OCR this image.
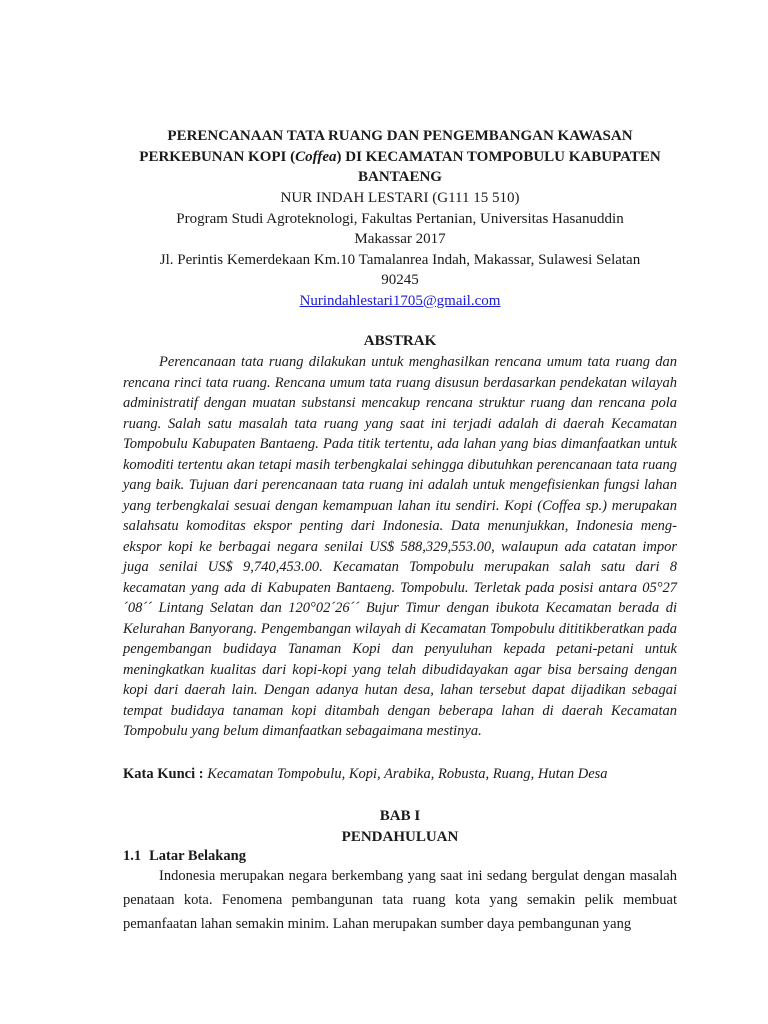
PERENCANAAN TATA RUANG DAN PENGEMBANGAN KAWASAN
PERKEBUNAN KOPI (Coffea) DI KECAMATAN TOMPOBULU KABUPATEN
BANTAENG
NUR INDAH LESTARI (G111 15 510)
Program Studi Agroteknologi, Fakultas Pertanian, Universitas Hasanuddin
Makassar 2017
Jl. Perintis Kemerdekaan Km.10 Tamalanrea Indah, Makassar, Sulawesi Selatan
90245
Nurindahlestari1705@gmail.com
ABSTRAK
Perencanaan tata ruang dilakukan untuk menghasilkan rencana umum tata ruang dan rencana rinci tata ruang. Rencana umum tata ruang disusun berdasarkan pendekatan wilayah administratif dengan muatan substansi mencakup rencana struktur ruang dan rencana pola ruang. Salah satu masalah tata ruang yang saat ini terjadi adalah di daerah Kecamatan Tompobulu Kabupaten Bantaeng. Pada titik tertentu, ada lahan yang bias dimanfaatkan untuk komoditi tertentu akan tetapi masih terbengkalai sehingga dibutuhkan perencanaan tata ruang yang baik. Tujuan dari perencanaan tata ruang ini adalah untuk mengefisienkan fungsi lahan yang terbengkalai sesuai dengan kemampuan lahan itu sendiri. Kopi (Coffea sp.) merupakan salahsatu komoditas ekspor penting dari Indonesia. Data menunjukkan, Indonesia meng-ekspor kopi ke berbagai negara senilai US$ 588,329,553.00, walaupun ada catatan impor juga senilai US$ 9,740,453.00. Kecamatan Tompobulu merupakan salah satu dari 8 kecamatan yang ada di Kabupaten Bantaeng. Tompobulu. Terletak pada posisi antara 05°27´08´´ Lintang Selatan dan 120°02´26´´ Bujur Timur dengan ibukota Kecamatan berada di Kelurahan Banyorang. Pengembangan wilayah di Kecamatan Tompobulu dititikberatkan pada pengembangan budidaya Tanaman Kopi dan penyuluhan kepada petani-petani untuk meningkatkan kualitas dari kopi-kopi yang telah dibudidayakan agar bisa bersaing dengan kopi dari daerah lain. Dengan adanya hutan desa, lahan tersebut dapat dijadikan sebagai tempat budidaya tanaman kopi ditambah dengan beberapa lahan di daerah Kecamatan Tompobulu yang belum dimanfaatkan sebagaimana mestinya.
Kata Kunci : Kecamatan Tompobulu, Kopi, Arabika, Robusta, Ruang, Hutan Desa
BAB I
PENDAHULUAN
1.1 Latar Belakang
Indonesia merupakan negara berkembang yang saat ini sedang bergulat dengan masalah penataan kota. Fenomena pembangunan tata ruang kota yang semakin pelik membuat pemanfaatan lahan semakin minim. Lahan merupakan sumber daya pembangunan yang
